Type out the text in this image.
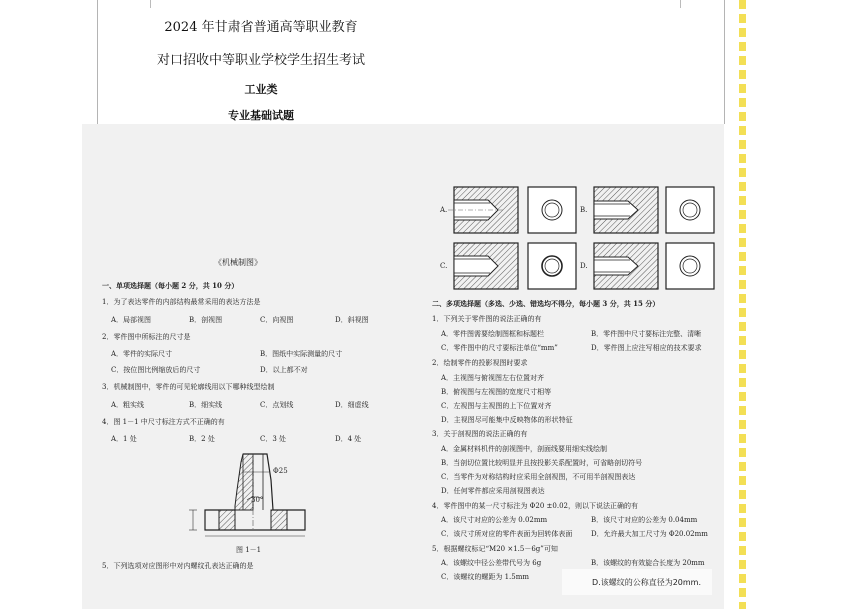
2024 年甘肃省普通高等职业教育
对口招收中等职业学校学生招生考试
工业类
专业基础试题
《机械制图》
一、单项选择题（每小题 2 分，共 10 分）
1．为了表达零件的内部结构最常采用的表达方法是
A．局部视图	B．剖视图	C．向视图	D．斜视图
2．零件图中所标注的尺寸是
A．零件的实际尺寸	B．图纸中实际测量的尺寸
C．按位图比例缩放后的尺寸	D．以上都不对
3．机械制图中，零件的可见轮廓线用以下哪种线型绘制
A．粗实线	B．细实线	C．点划线	D．细虚线
4．图 1－1 中尺寸标注方式不正确的有
A．1 处	B．2 处	C．3 处	D．4 处
Φ25
30°
图 1－1
5．下列选项对应图形中对内螺纹孔表达正确的是
A.	B.
C.	D.
二、多项选择题（多选、少选、错选均不得分，每小题 3 分，共 15 分）
1．下列关于零件图的说法正确的有
A．零件图需要绘制图框和标题栏	B．零件图中尺寸要标注完整、清晰
C．零件图中的尺寸要标注单位“mm”	D．零件图上应注写相应的技术要求
2．绘制零件的投影视图时要求
A．主视图与俯视图左右位置对齐
B．俯视图与左视图的宽度尺寸相等
C．左视图与主视图的上下位置对齐
D．主视图尽可能集中反映物体的形状特征
3．关于剖视图的说法正确的有
A．金属材料机件的剖视图中，剖面线要用细实线绘制
B．当剖切位置比较明显并且按投影关系配置时，可省略剖切符号
C．当零件为对称结构时应采用全剖视图，不可用半剖视图表达
D．任何零件都应采用剖视图表达
4．零件图中的某一尺寸标注为 Φ20 ±0.02，则以下说法正确的有
A．该尺寸对应的公差为 0.02mm	B．该尺寸对应的公差为 0.04mm
C．该尺寸所对应的零件表面为回转体表面	D．允许最大加工尺寸为 Φ20.02mm
5．根据螺纹标记“M20 ×1.5－6g”可知
A．该螺纹中径公差带代号为 6g	B．该螺纹的有效旋合长度为 20mm
C．该螺纹的螺距为 1.5mm
D.该螺纹的公称直径为20mm.
